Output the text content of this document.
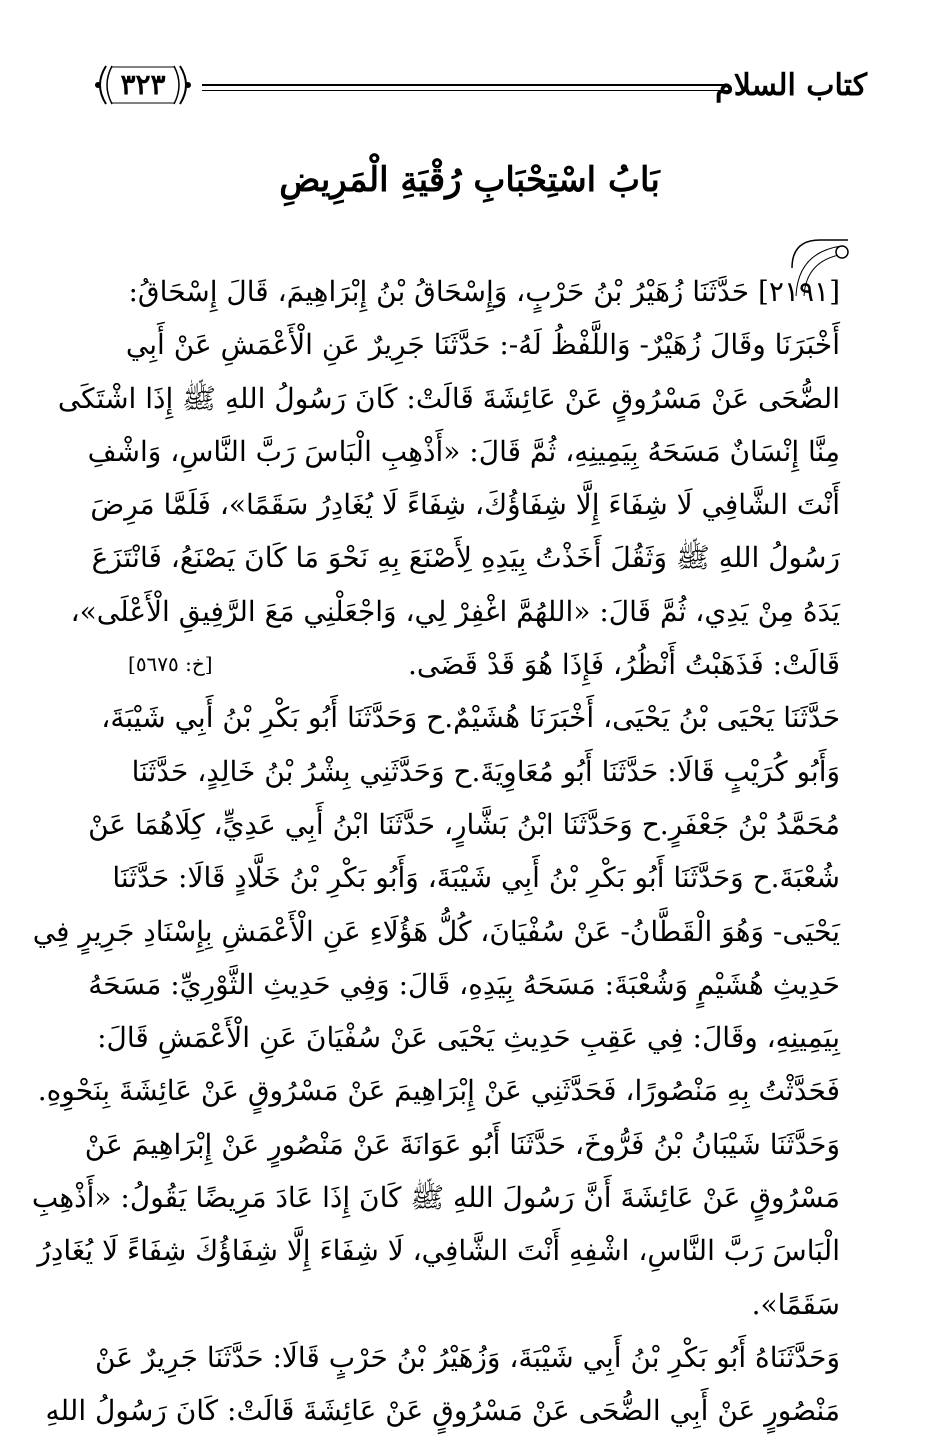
كتاب السلام
٣٢٣
بَابُ اسْتِحْبَابِ رُقْيَةِ الْمَرِيضِ
[٢١٩١] حَدَّثَنَا زُهَيْرُ بْنُ حَرْبٍ، وَإِسْحَاقُ بْنُ إِبْرَاهِيمَ، قَالَ إِسْحَاقُ:
أَخْبَرَنَا وقَالَ زُهَيْرٌ- وَاللَّفْظُ لَهُ-: حَدَّثَنَا جَرِيرٌ عَنِ الْأَعْمَشِ عَنْ أَبِي
الضُّحَى عَنْ مَسْرُوقٍ عَنْ عَائِشَةَ قَالَتْ: كَانَ رَسُولُ اللهِ ﷺ إِذَا اشْتَكَى
مِنَّا إِنْسَانٌ مَسَحَهُ بِيَمِينِهِ، ثُمَّ قَالَ: «أَذْهِبِ الْبَاسَ رَبَّ النَّاسِ، وَاشْفِ
أَنْتَ الشَّافِي لَا شِفَاءَ إِلَّا شِفَاؤُكَ، شِفَاءً لَا يُغَادِرُ سَقَمًا»، فَلَمَّا مَرِضَ
رَسُولُ اللهِ ﷺ وَثَقُلَ أَخَذْتُ بِيَدِهِ لِأَصْنَعَ بِهِ نَحْوَ مَا كَانَ يَصْنَعُ، فَانْتَزَعَ
يَدَهُ مِنْ يَدِي، ثُمَّ قَالَ: «اللهُمَّ اغْفِرْ لِي، وَاجْعَلْنِي مَعَ الرَّفِيقِ الْأَعْلَى»،
قَالَتْ: فَذَهَبْتُ أَنْظُرُ، فَإِذَا هُوَ قَدْ قَضَى.
[خ: ٥٦٧٥]
حَدَّثَنَا يَحْيَى بْنُ يَحْيَى، أَخْبَرَنَا هُشَيْمٌ.ح وَحَدَّثَنَا أَبُو بَكْرِ بْنُ أَبِي شَيْبَةَ،
وَأَبُو كُرَيْبٍ قَالَا: حَدَّثَنَا أَبُو مُعَاوِيَةَ.ح وَحَدَّثَنِي بِشْرُ بْنُ خَالِدٍ، حَدَّثَنَا
مُحَمَّدُ بْنُ جَعْفَرٍ.ح وَحَدَّثَنَا ابْنُ بَشَّارٍ، حَدَّثَنَا ابْنُ أَبِي عَدِيٍّ، كِلَاهُمَا عَنْ
شُعْبَةَ.ح وَحَدَّثَنَا أَبُو بَكْرِ بْنُ أَبِي شَيْبَةَ، وَأَبُو بَكْرِ بْنُ خَلَّادٍ قَالَا: حَدَّثَنَا
يَحْيَى- وَهُوَ الْقَطَّانُ- عَنْ سُفْيَانَ، كُلُّ هَؤُلَاءِ عَنِ الْأَعْمَشِ بِإِسْنَادِ جَرِيرٍ فِي
حَدِيثِ هُشَيْمٍ وَشُعْبَةَ: مَسَحَهُ بِيَدِهِ، قَالَ: وَفِي حَدِيثِ الثَّوْرِيِّ: مَسَحَهُ
بِيَمِينِهِ، وقَالَ: فِي عَقِبِ حَدِيثِ يَحْيَى عَنْ سُفْيَانَ عَنِ الْأَعْمَشِ قَالَ:
فَحَدَّثْتُ بِهِ مَنْصُورًا، فَحَدَّثَنِي عَنْ إِبْرَاهِيمَ عَنْ مَسْرُوقٍ عَنْ عَائِشَةَ بِنَحْوِهِ.
وَحَدَّثَنَا شَيْبَانُ بْنُ فَرُّوخَ، حَدَّثَنَا أَبُو عَوَانَةَ عَنْ مَنْصُورٍ عَنْ إِبْرَاهِيمَ عَنْ
مَسْرُوقٍ عَنْ عَائِشَةَ أَنَّ رَسُولَ اللهِ ﷺ كَانَ إِذَا عَادَ مَرِيضًا يَقُولُ: «أَذْهِبِ
الْبَاسَ رَبَّ النَّاسِ، اشْفِهِ أَنْتَ الشَّافِي، لَا شِفَاءَ إِلَّا شِفَاؤُكَ شِفَاءً لَا يُغَادِرُ
سَقَمًا».
وَحَدَّثَنَاهُ أَبُو بَكْرِ بْنُ أَبِي شَيْبَةَ، وَزُهَيْرُ بْنُ حَرْبٍ قَالَا: حَدَّثَنَا جَرِيرٌ عَنْ
مَنْصُورٍ عَنْ أَبِي الضُّحَى عَنْ مَسْرُوقٍ عَنْ عَائِشَةَ قَالَتْ: كَانَ رَسُولُ اللهِ
